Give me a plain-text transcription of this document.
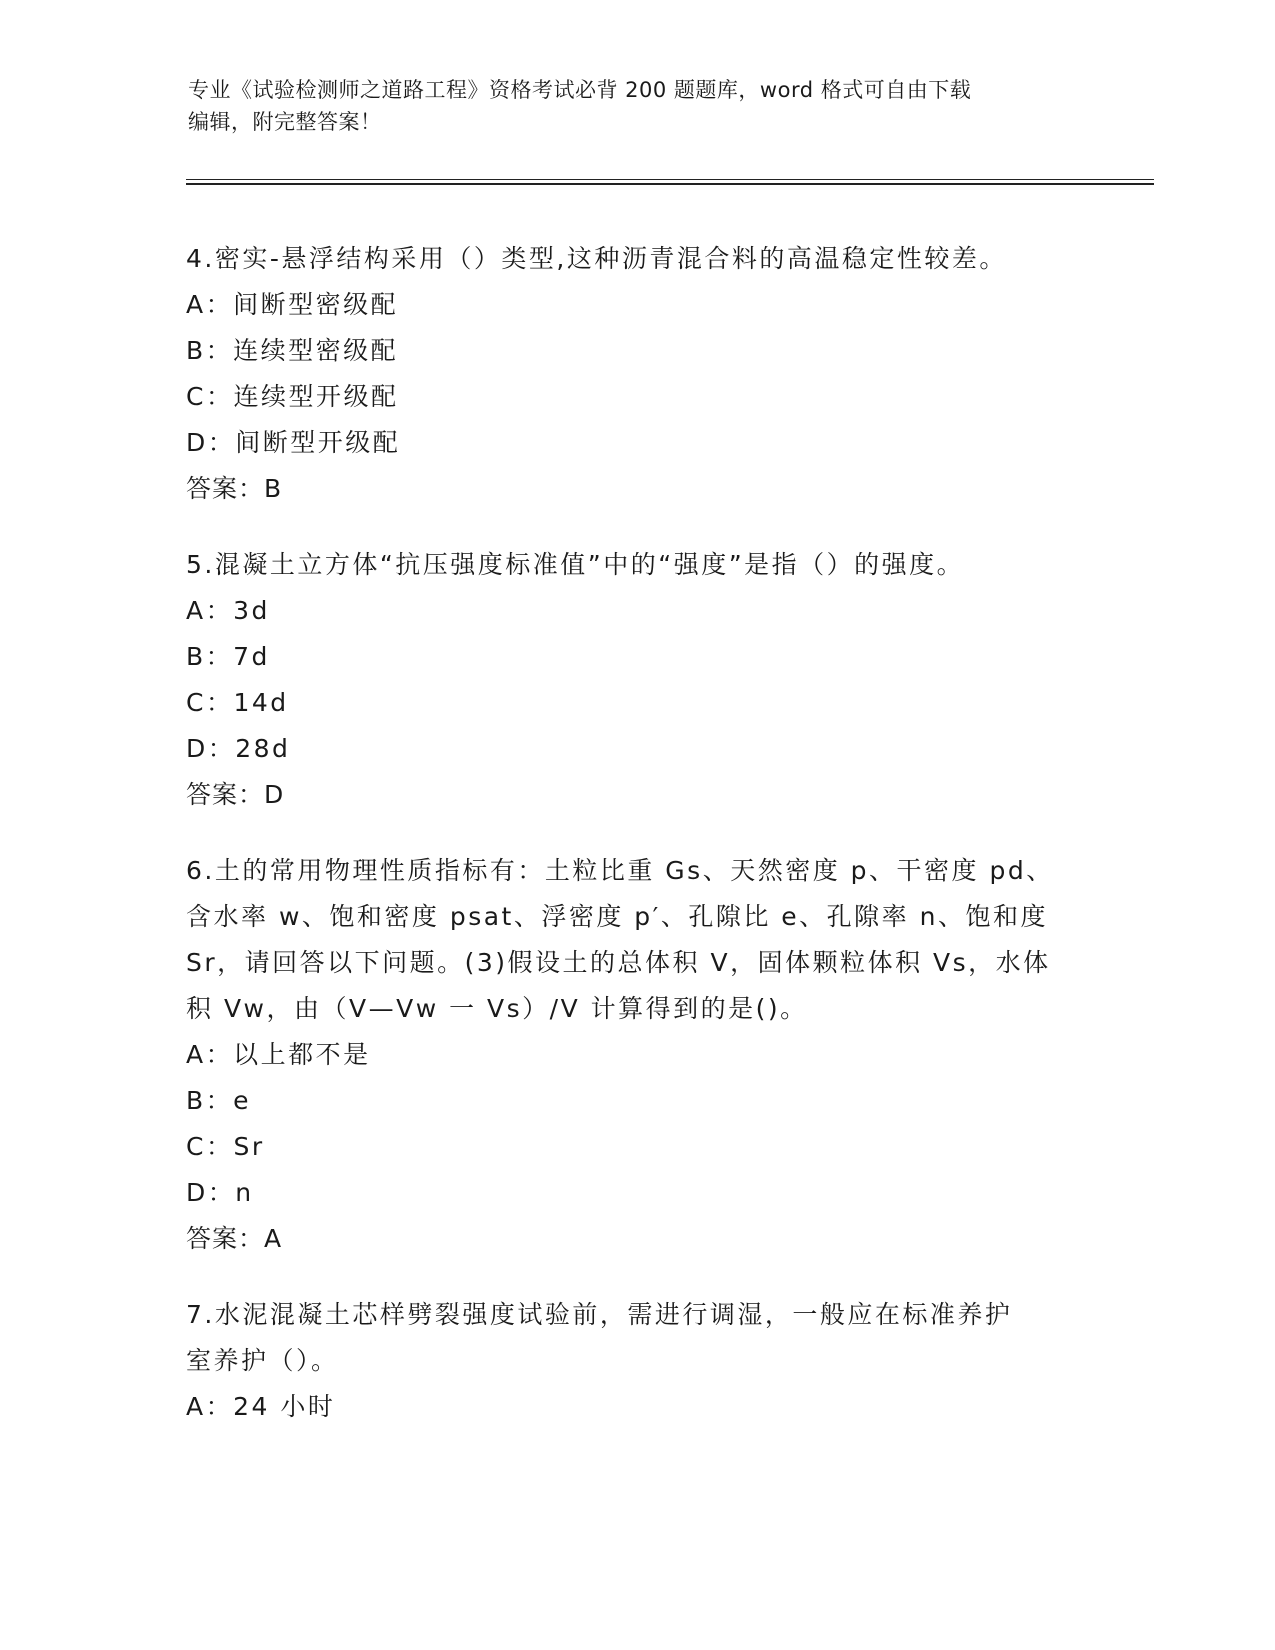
专业《试验检测师之道路工程》资格考试必背 200 题题库，word 格式可自由下载
编辑，附完整答案！

4.密实-悬浮结构采用（）类型,这种沥青混合料的高温稳定性较差。

A：间断型密级配

B：连续型密级配

C：连续型开级配

D：间断型开级配

答案：B

5.混凝土立方体“抗压强度标准值”中的“强度”是指（）的强度。

A：3d

B：7d

C：14d

D：28d

答案：D

6.土的常用物理性质指标有：土粒比重 Gs、天然密度 p、干密度 pd、

含水率 w、饱和密度 psat、浮密度 p′、孔隙比 e、孔隙率 n、饱和度

Sr，请回答以下问题。(3)假设土的总体积 V，固体颗粒体积 Vs，水体

积 Vw，由（V—Vw 一 Vs）/V 计算得到的是()。

A：以上都不是

B：e

C：Sr

D：n

答案：A

7.水泥混凝土芯样劈裂强度试验前，需进行调湿，一般应在标准养护

室养护（）。

A：24 小时
